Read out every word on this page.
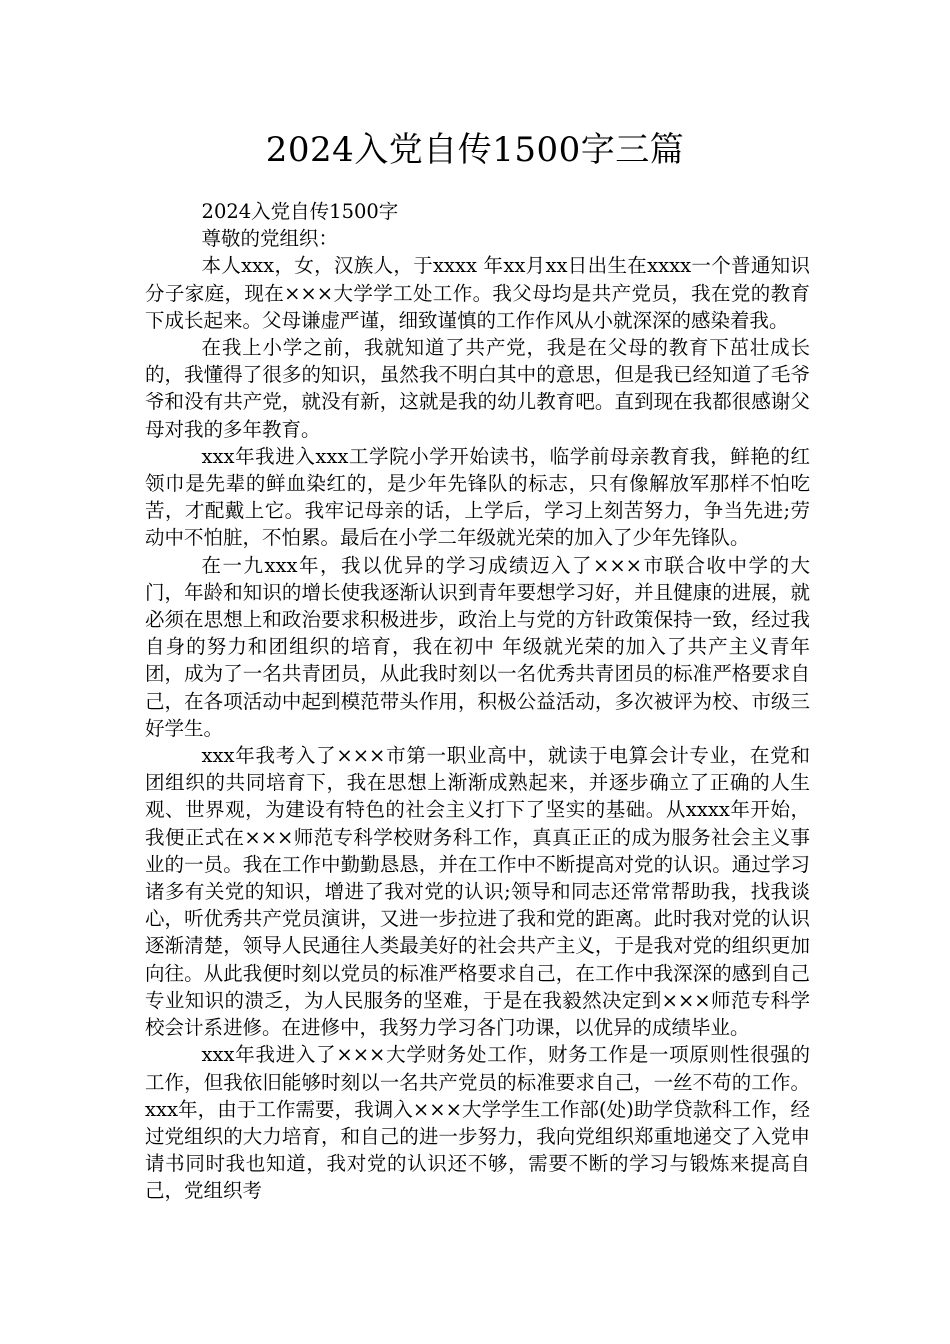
2024入党自传1500字三篇

2024入党自传1500字

尊敬的党组织：

本人xxx，女，汉族人，于xxxx 年xx月xx日出生在xxxx一个普通知识分子家庭，现在×××大学学工处工作。我父母均是共产党员，我在党的教育下成长起来。父母谦虚严谨，细致谨慎的工作作风从小就深深的感染着我。

在我上小学之前，我就知道了共产党，我是在父母的教育下茁壮成长的，我懂得了很多的知识，虽然我不明白其中的意思，但是我已经知道了毛爷爷和没有共产党，就没有新，这就是我的幼儿教育吧。直到现在我都很感谢父母对我的多年教育。

xxx年我进入xxx工学院小学开始读书，临学前母亲教育我，鲜艳的红领巾是先辈的鲜血染红的，是少年先锋队的标志，只有像解放军那样不怕吃苦，才配戴上它。我牢记母亲的话，上学后，学习上刻苦努力，争当先进;劳动中不怕脏，不怕累。最后在小学二年级就光荣的加入了少年先锋队。

在一九xxx年，我以优异的学习成绩迈入了×××市联合收中学的大门，年龄和知识的增长使我逐渐认识到青年要想学习好，并且健康的进展，就必须在思想上和政治要求积极进步，政治上与党的方针政策保持一致，经过我自身的努力和团组织的培育，我在初中 年级就光荣的加入了共产主义青年团，成为了一名共青团员，从此我时刻以一名优秀共青团员的标准严格要求自己，在各项活动中起到模范带头作用，积极公益活动，多次被评为校、市级三好学生。

xxx年我考入了×××市第一职业高中，就读于电算会计专业，在党和团组织的共同培育下，我在思想上渐渐成熟起来，并逐步确立了正确的人生观、世界观，为建设有特色的社会主义打下了坚实的基础。从xxxx年开始，我便正式在×××师范专科学校财务科工作，真真正正的成为服务社会主义事业的一员。我在工作中勤勤恳恳，并在工作中不断提高对党的认识。通过学习诸多有关党的知识，增进了我对党的认识;领导和同志还常常帮助我，找我谈心，听优秀共产党员演讲，又进一步拉进了我和党的距离。此时我对党的认识逐渐清楚，领导人民通往人类最美好的社会共产主义，于是我对党的组织更加向往。从此我便时刻以党员的标准严格要求自己，在工作中我深深的感到自己专业知识的溃乏，为人民服务的坚难，于是在我毅然决定到×××师范专科学校会计系进修。在进修中，我努力学习各门功课，以优异的成绩毕业。

xxx年我进入了×××大学财务处工作，财务工作是一项原则性很强的工作，但我依旧能够时刻以一名共产党员的标准要求自己，一丝不苟的工作。xxx年，由于工作需要，我调入×××大学学生工作部(处)助学贷款科工作，经过党组织的大力培育，和自己的进一步努力，我向党组织郑重地递交了入党申请书同时我也知道，我对党的认识还不够，需要不断的学习与锻炼来提高自己，党组织考
